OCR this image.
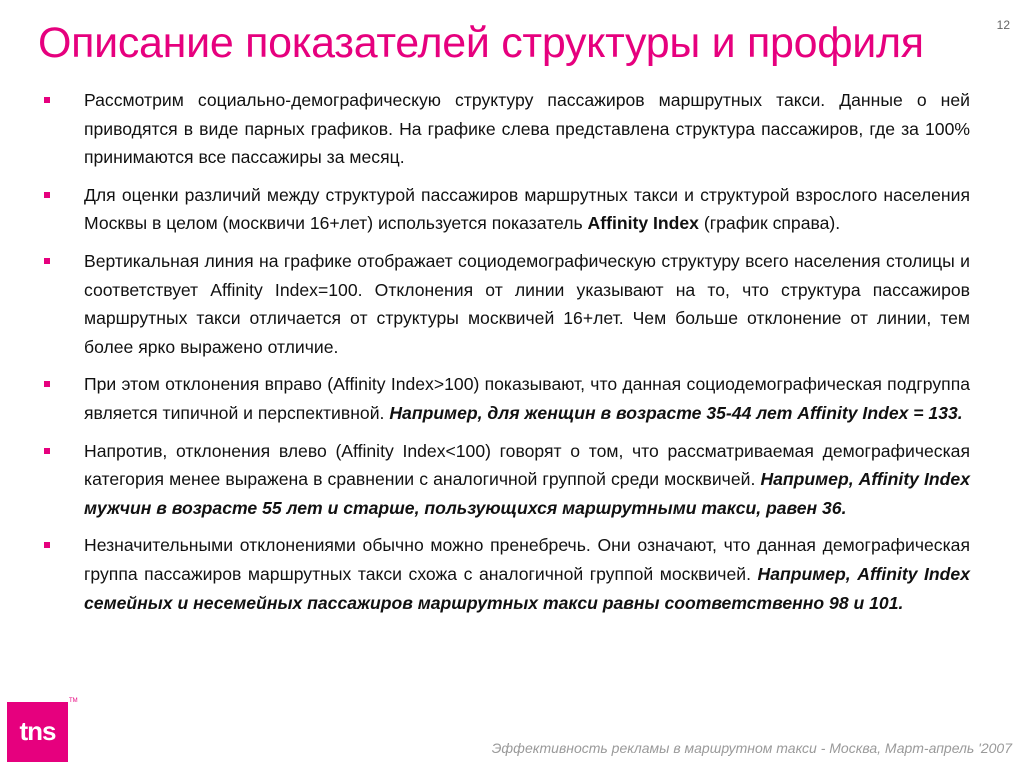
Описание показателей структуры и профиля	12
Рассмотрим социально-демографическую структуру пассажиров маршрутных такси. Данные о ней приводятся в виде парных графиков. На графике слева представлена структура пассажиров, где за 100% принимаются все пассажиры за месяц.
Для оценки различий между структурой пассажиров маршрутных такси и структурой взрослого населения Москвы в целом (москвичи 16+лет) используется показатель Affinity Index (график справа).
Вертикальная линия на графике отображает социодемографическую структуру всего населения столицы и соответствует Affinity Index=100. Отклонения от линии указывают на то, что структура пассажиров маршрутных такси отличается от структуры москвичей 16+лет. Чем больше отклонение от линии, тем более ярко выражено отличие.
При этом отклонения вправо (Affinity Index>100) показывают, что данная социодемографическая подгруппа является типичной и перспективной. Например, для женщин в возрасте 35-44 лет Affinity Index = 133.
Напротив, отклонения влево (Affinity Index<100) говорят о том, что рассматриваемая демографическая категория менее выражена в сравнении с аналогичной группой среди москвичей. Например, Affinity Index мужчин в возрасте 55 лет и старше, пользующихся маршрутными такси, равен 36.
Незначительными отклонениями обычно можно пренебречь. Они означают, что данная демографическая группа пассажиров маршрутных такси схожа с аналогичной группой москвичей. Например, Affinity Index семейных и несемейных пассажиров маршрутных такси равны соответственно 98 и 101.
tns
TM
Эффективность рекламы в маршрутном такси - Москва, Март-апрель '2007
